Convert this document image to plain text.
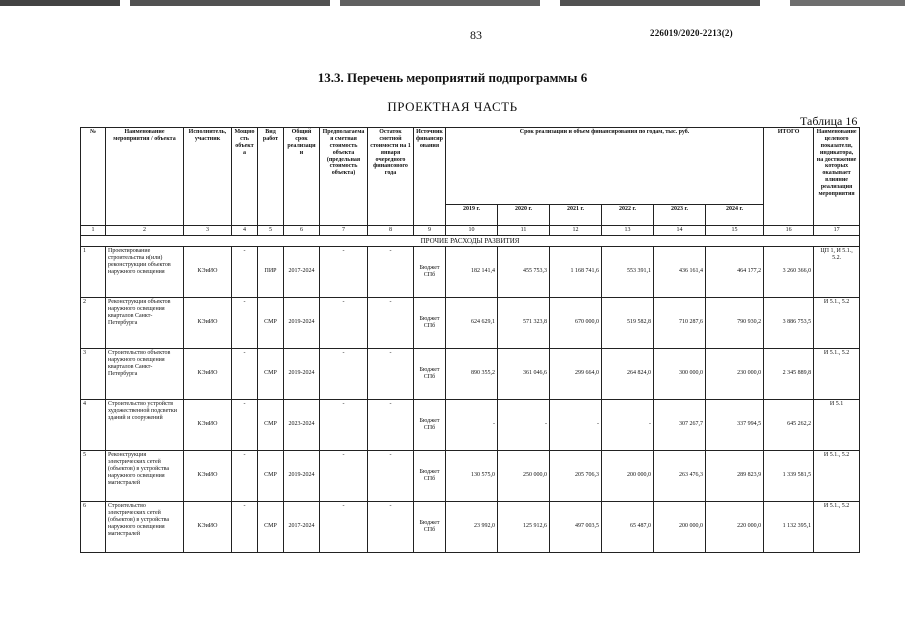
83	226019/2020-2213(2)
13.3. Перечень мероприятий подпрограммы 6
ПРОЕКТНАЯ ЧАСТЬ
Таблица 16
№	Наименование мероприятия / объекта	Исполнитель, участник	Мощность объекта	Вид работ	Общий срок реализации	Предполагаемая сметная стоимость объекта (предельная стоимость объекта)	Остаток сметной стоимости на 1 января очередного финансового года	Источник финансирования	Срок реализации и объем финансирования по годам, тыс. руб.						ИТОГО	Наименование целевого показателя, индикатора, на достижение которых оказывает влияние реализация мероприятия
									2019 г.	2020 г.	2021 г.	2022 г.	2023 г.	2024 г.		
1	2	3	4	5	6	7	8	9	10	11	12	13	14	15	16	17
ПРОЧИЕ РАСХОДЫ РАЗВИТИЯ																
1	Проектирование строительства и(или) реконструкции объектов наружного освещения	КЭиИО	-	ПИР	2017-2024	-	-	Бюджет СПб	182 141,4	455 753,3	1 168 741,6	553 391,1	436 161,4	464 177,2	3 260 366,0	ЦП 1, И 5.1., 5.2.
2	Реконструкция объектов наружного освещения кварталов Санкт-Петербурга	КЭиИО	-	СМР	2019-2024	-	-	Бюджет СПб	624 629,1	571 323,8	670 000,0	519 582,8	710 287,6	790 930,2	3 886 753,5	И 5.1., 5.2
3	Строительство объектов наружного освещения кварталов Санкт-Петербурга	КЭиИО	-	СМР	2019-2024	-	-	Бюджет СПб	890 355,2	361 046,6	299 664,0	264 824,0	300 000,0	230 000,0	2 345 889,8	И 5.1., 5.2
4	Строительство устройств художественной подсветки зданий и сооружений	КЭиИО	-	СМР	2023-2024	-	-	Бюджет СПб	-	-	-	-	307 267,7	337 994,5	645 262,2	И 5.1
5	Реконструкция электрических сетей (объектов) в устройства наружного освещения магистралей	КЭиИО	-	СМР	2019-2024	-	-	Бюджет СПб	130 575,0	250 000,0	205 706,3	200 000,0	263 476,3	289 823,9	1 339 581,5	И 5.1., 5.2
6	Строительство электрических сетей (объектов) в устройства наружного освещения магистралей	КЭиИО	-	СМР	2017-2024	-	-	Бюджет СПб	23 992,0	125 912,6	497 003,5	65 487,0	200 000,0	220 000,0	1 132 395,1	И 5.1., 5.2
